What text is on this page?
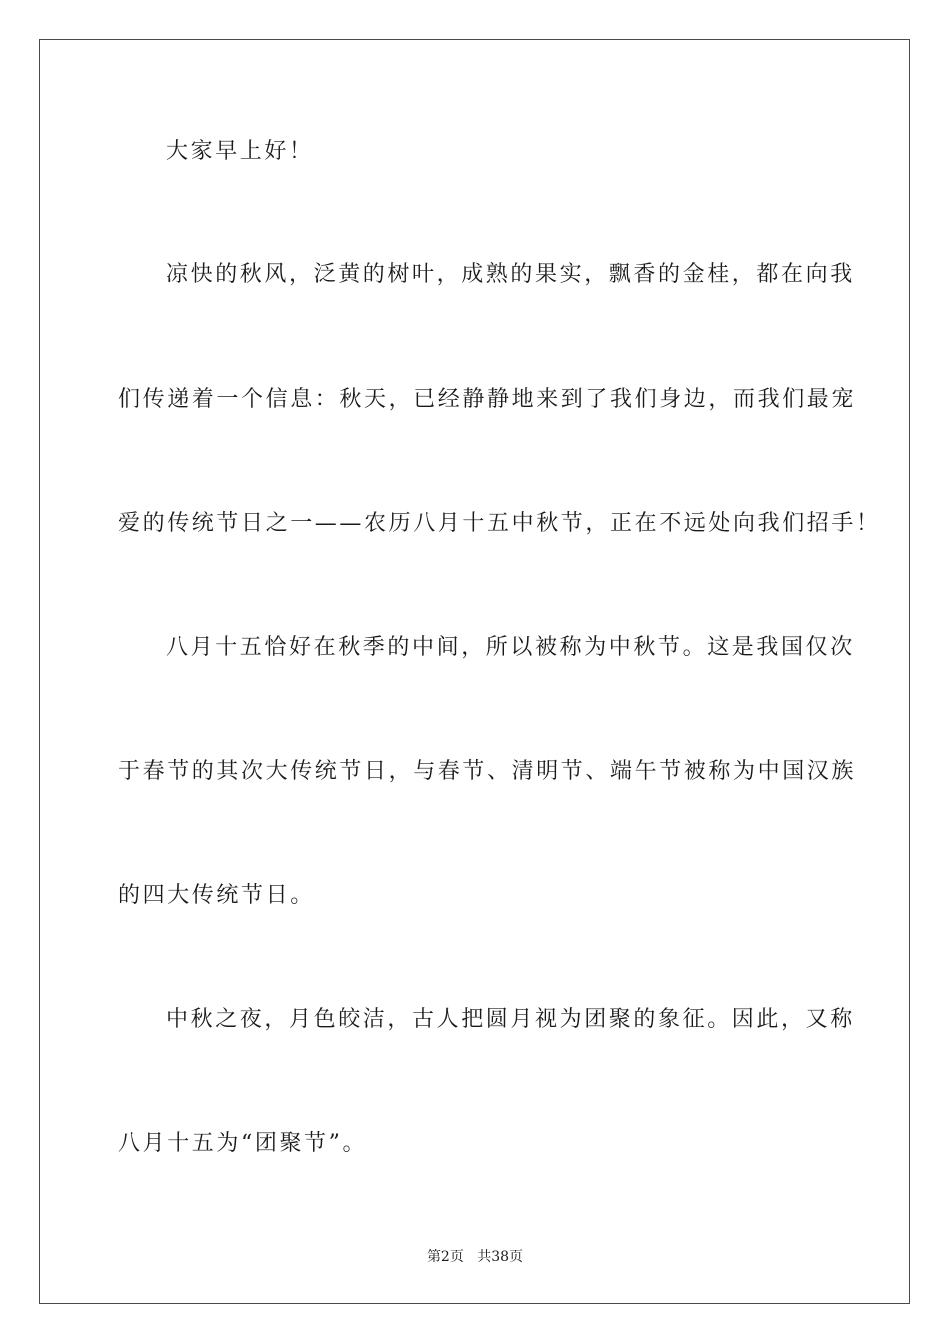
大家早上好！
凉快的秋风，泛黄的树叶，成熟的果实，飘香的金桂，都在向我
们传递着一个信息：秋天，已经静静地来到了我们身边，而我们最宠
爱的传统节日之一——农历八月十五中秋节，正在不远处向我们招手！
八月十五恰好在秋季的中间，所以被称为中秋节。这是我国仅次
于春节的其次大传统节日，与春节、清明节、端午节被称为中国汉族
的四大传统节日。
中秋之夜，月色皎洁，古人把圆月视为团聚的象征。因此，又称
八月十五为“团聚节”。
第2页 共38页
